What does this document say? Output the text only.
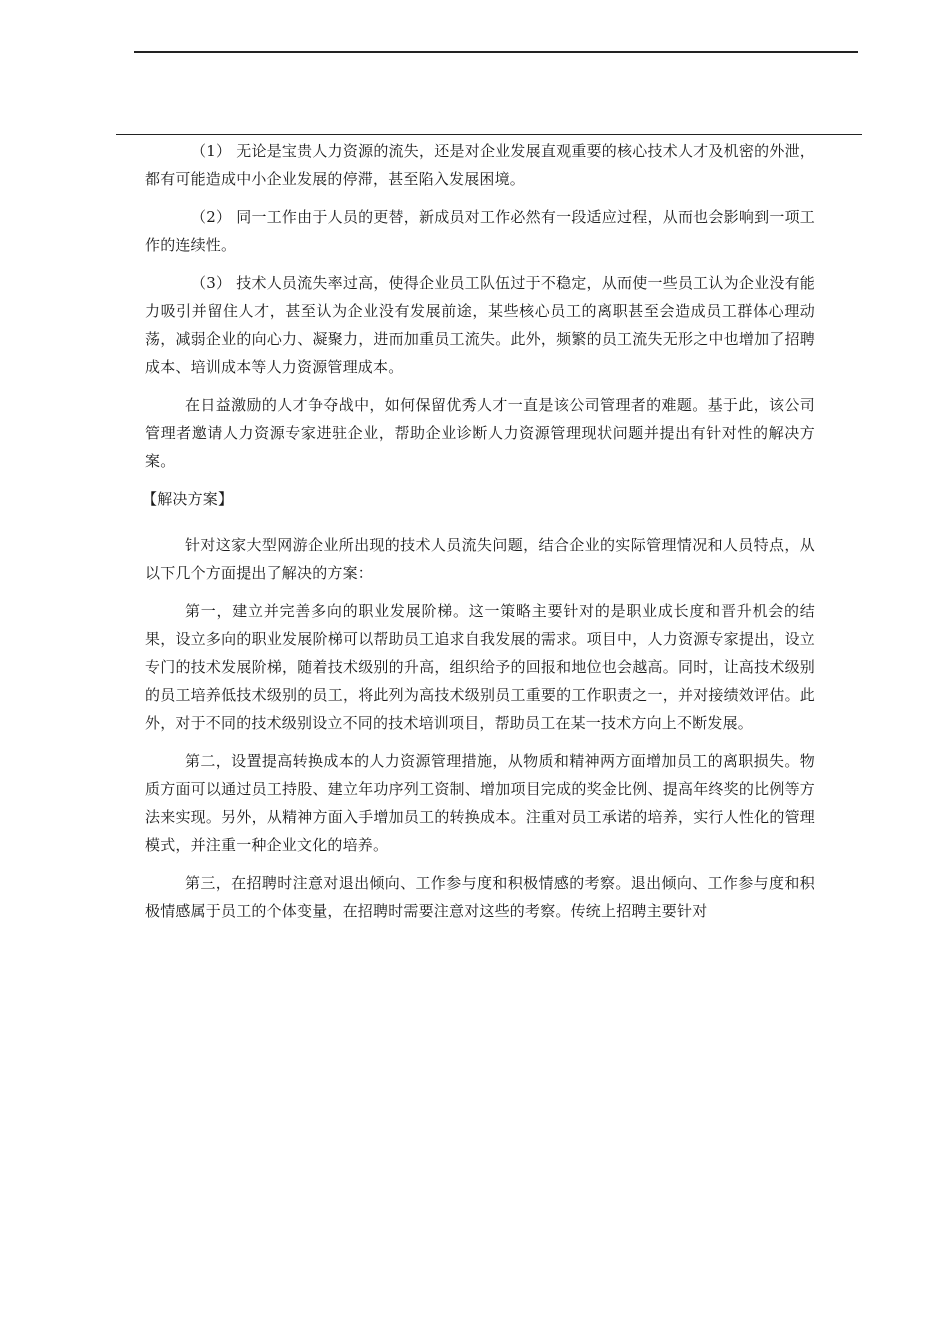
（1） 无论是宝贵人力资源的流失，还是对企业发展直观重要的核心技术人才及机密的外泄，都有可能造成中小企业发展的停滞，甚至陷入发展困境。

（2） 同一工作由于人员的更替，新成员对工作必然有一段适应过程，从而也会影响到一项工作的连续性。

（3） 技术人员流失率过高，使得企业员工队伍过于不稳定，从而使一些员工认为企业没有能力吸引并留住人才，甚至认为企业没有发展前途，某些核心员工的离职甚至会造成员工群体心理动荡，减弱企业的向心力、凝聚力，进而加重员工流失。此外，频繁的员工流失无形之中也增加了招聘成本、培训成本等人力资源管理成本。

在日益激励的人才争夺战中，如何保留优秀人才一直是该公司管理者的难题。基于此，该公司管理者邀请人力资源专家进驻企业，帮助企业诊断人力资源管理现状问题并提出有针对性的解决方案。

【解决方案】

针对这家大型网游企业所出现的技术人员流失问题，结合企业的实际管理情况和人员特点，从以下几个方面提出了解决的方案：

第一，建立并完善多向的职业发展阶梯。这一策略主要针对的是职业成长度和晋升机会的结果，设立多向的职业发展阶梯可以帮助员工追求自我发展的需求。项目中，人力资源专家提出，设立专门的技术发展阶梯，随着技术级别的升高，组织给予的回报和地位也会越高。同时，让高技术级别的员工培养低技术级别的员工，将此列为高技术级别员工重要的工作职责之一，并对接绩效评估。此外，对于不同的技术级别设立不同的技术培训项目，帮助员工在某一技术方向上不断发展。

第二，设置提高转换成本的人力资源管理措施，从物质和精神两方面增加员工的离职损失。物质方面可以通过员工持股、建立年功序列工资制、增加项目完成的奖金比例、提高年终奖的比例等方法来实现。另外，从精神方面入手增加员工的转换成本。注重对员工承诺的培养，实行人性化的管理模式，并注重一种企业文化的培养。

第三，在招聘时注意对退出倾向、工作参与度和积极情感的考察。退出倾向、工作参与度和积极情感属于员工的个体变量，在招聘时需要注意对这些的考察。传统上招聘主要针对
